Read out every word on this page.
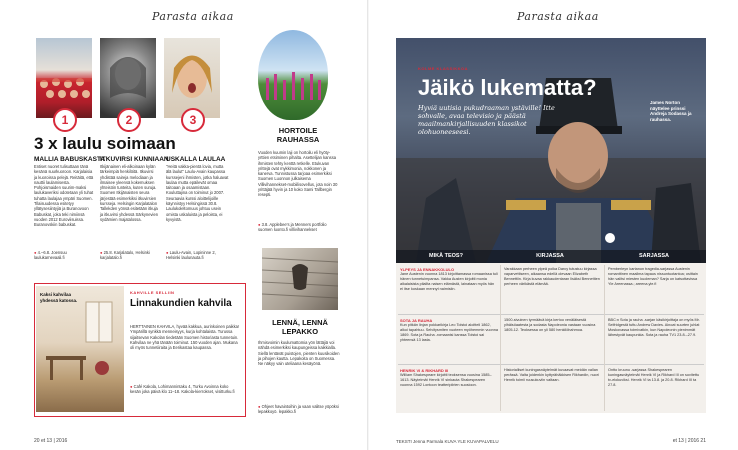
Parasta aikaa
1	2	3
3 x laulu soimaan
MALLIA BABUSKASTA
Entiset nuoret tulisuttaan tänä kesänä suurkuoroon. Karjalaisia ja kuoroissa pelejä. Reitäitä, että nauttii laulamisesta. Pohjoismaiden suurim-maksi laulukaveriksi odotetaan yli tuhat tuhatta laulajaa ympäri Suomen. Tilaisuudessa esitetyy yllätysesiintyjiä ja Buranovoon Babuskat, joka teki nimiinsä vuoden 2012 Euroviisuissa. Buranovskiin babuskat.
● 4.–6.8. Joensuu laulukarnevaali.fi
ITKUVIRSI KUNNIAAN
Itkijänainen eli-alkoinaan kylän tärkeimpiä henkilöitä. Itkuvirsi yhdistää saireja melodiaan ja ilmaisee yleensä kokemuksen yhteisöin tunteita, kuten suruja. Suomen Itkijänaisten seura järjestää esimerkiksi itkuvirsien kursseja. Helsingin Karjalatalon Tallekden yönsä esitetään itkuja ja itkuvirsi yhdessä Särkynevien sydämien majatalossa.
● 25.8. Karjalatalo, Helsinki karjalatalo.fi
USKALLA LAULAA
"Heitä vakka-pientä lovia, mutta älä laulut" Laulu-Avain kaupassa kurssejeni ihmisten, jotka haluavat laulaa mutta epäilevät omaa taitoaan ja osaamistaan. Kouluttajina on toiminut jo 2007. Seuraavia kurssi aloittelijoille käynnistyy Helsingissä 30.8. Laulukoleltomuus johtuu usein omista uskaluista ja peloista, ei kyvyistä.
● Laulu-Avain, Lopininne 2, Helsinki laulunauta.fi
HORTOILE RAUHASSA
Vuoden kuumin laji on hortoilu eli hyöty-yrttien etsiminen pihalta. Asettelijan kanssa ihmisten tehty kenttä retkelle. Etukuvan yrittejä ovat mykkimonia, nokkonen ja kanerva. Tunnistussa tarjoaa esimerkiksi Suomen Luonnon julkaisema Villivihannekset-mobiilisovellus, jota noin 30 yrittäjää hyvin ja 10 koko Sami Tallbergin resepti.
● 3.8. Applebee's ja Menners portfolio suomen luonto.fi villivihannekset
LENNÄ, LENNÄ LEPAKKO
Ihmisvoimin kuulumattomia yön lättäjiä voi nähdä esimerkiksi kaupungeissa kaikkialla. Siellä lentävät puistojen, pienten kuusikoiden ja pihojen kautta. Lepakoita on Suomessa. Ne näkyy vain uteliaana kesäyönä.
● Ohjeet havaintoihin ja vaan valitse yöpöksi lepakkoyö. lepakko.fi
Kaksi kahvilaa yhdessä katossa.
KAHVILLE SELLIIN
Linnakundien kahvila
HERTTAINEN KAHVILA, hyvää kakkua, aurinkoinen paikka! Ympärillä synkkä menneisyys, kurja kohtalaista. Turussa sijaitsevan Kakolan tiedetään Suomen historiasta tunnetuin. Kahvilaa ne yhä tänään toiminut. 150 vuoden ajan. Mukana oli myös tunnetiiraita ja Eerikastaa kaupassa.
● Café Kakola, Lohimannintaku 4, Turku Avoinna koko kesän joka päivä klo 11–18. Kakola-kierrokset, visitturku.fi
20 et 13 | 2016
Parasta aikaa
KOLME KLASSIKKOA
Jäikö lukematta?
Hyviä uutisia pukudraaman ystäville! Itte sohvalle, avaa televisio ja päästä maailmankirjallisuuden klassikot olohuoneeseesi.
James Norton näyttelee prinssi Andreja Sodassa ja rauhassa.
MIKÄ TEOS?	KIRJASSA	SARJASSA
YLPEYS JA ENNAKKOLULO
Jane Austenin vuonna 1813 kirjoittamassa romaanissa tuli hänen tunnetuimpansa. Vakka Austen kirjoitti monia aikalaisista pilailta naisen elämästä, lainataan myös hän ei itse koskaan mennyt naimisiin.
Varakkaan perheen ylpeä poika Darcy tutustuu kirjassa vaparvettiseen, aikaansa edellä olevaan Elizabeth Bennettiin. Kirja kuvaa rakkaudentaran lisäksi Bennettien perheen värikästä elämää.
Pemberleyn kartanon tragedia-sarjassa Austenin romanttinen maailma tapaus nissuntuotantoa; osittain hän valitsi miesten kuoleman? Sarja on katsottavissa Yle Areenassa.; areena.yle.fi
SOTA JA RAUHA
Kun pitkän linjan pokkarikirja Leo Tolstoi aloitteli 1862, alkoi tapahtuu. Selvitysmiten vuoteen myöhemmin vuonna 1869. Sota ja Rauha -romaanisi kanssa Tolstoi sai yhteensä 13 lasta.
1500-sivuinen tyrmäävä kirja kertoo venäläisestä ylhäisöaatesta ja sodasta Napoleonia vastaan vuosina 1805-12. Teoksessa on yli 580 henkilöhahmoa.
BBC:n Sota ja rauha -sarjan käsikirjoittaja on myös Mr. Selfridgestä tuttu Andrew Davies. Ainoat suurten juhlat Moskovassa toimivatkin, kun Napoleonin pienimmät lähestyvät kaupunkia. Sota ja rauha TV1 23.8.–27.9.
HENRIK VI & RIKHARD III
William Shakespeare kirjoitti teoksensa vuosina 1585–1613. Näytelmät Henrik VI sinkauta Shakespearen vuonna 1592 Lontoon teatteripiirien suosioon.
Historialliset kuningasnäytelmät kuvaavat meidän vallan perässä. Valta joidenkin kyttyrähäkkisen Rikhardin, nuori Henrik toimii ruusukuviin valtaan.
Ontto kruunu -sarjassa Shakespearen kuningasnäytelmät Henrik VI ja Rikhard III on sovitettu tv-elokuviksi. Henrik VI ta 13.8. ja 20.8. Rikhard III ta 27.8.
TEKSTI Jenna Parmala KUVA YLE KUVAPALVELU	et 13 | 2016 21
